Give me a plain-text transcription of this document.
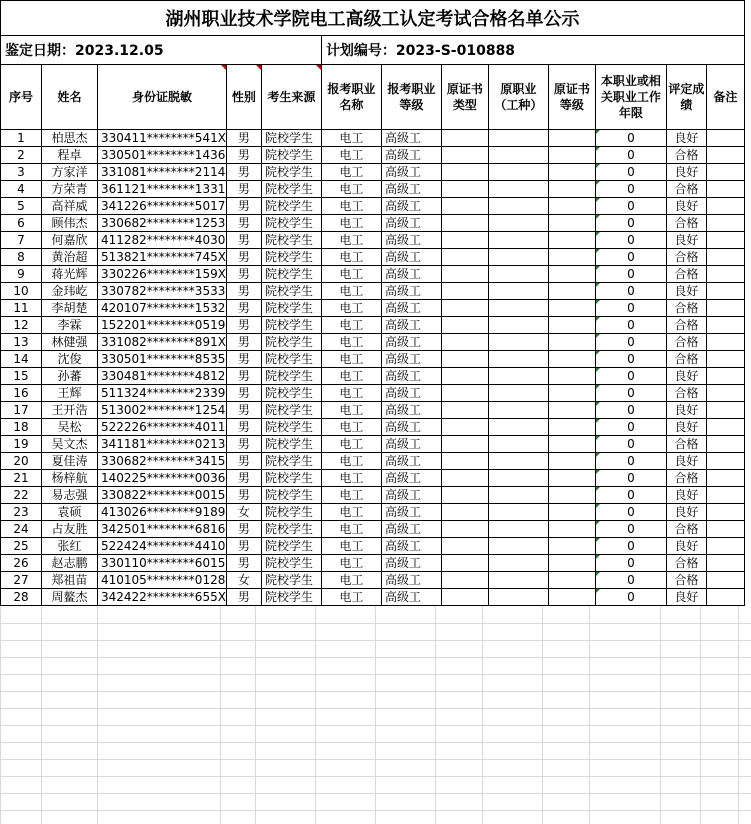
湖州职业技术学院电工高级工认定考试合格名单公示												
鉴定日期：2023.12.05					计划编号：2023-S-010888							
序号	姓名	身份证脱敏	性别	考生来源	报考职业名称	报考职业等级	原证书类型	原职业（工种）	原证书等级	本职业或相关职业工作年限	评定成绩	备注
1	柏思杰	330411********541X	男	院校学生	电工	高级工				0	良好	
2	程卓	330501********1436	男	院校学生	电工	高级工				0	合格	
3	方家洋	331081********2114	男	院校学生	电工	高级工				0	良好	
4	方荣青	361121********1331	男	院校学生	电工	高级工				0	合格	
5	高祥威	341226********5017	男	院校学生	电工	高级工				0	良好	
6	顾伟杰	330682********1253	男	院校学生	电工	高级工				0	合格	
7	何嘉欣	411282********4030	男	院校学生	电工	高级工				0	良好	
8	黄治超	513821********745X	男	院校学生	电工	高级工				0	合格	
9	蒋光辉	330226********159X	男	院校学生	电工	高级工				0	合格	
10	金玮屹	330782********3533	男	院校学生	电工	高级工				0	良好	
11	李胡楚	420107********1532	男	院校学生	电工	高级工				0	合格	
12	李霖	152201********0519	男	院校学生	电工	高级工				0	合格	
13	林健强	331082********891X	男	院校学生	电工	高级工				0	合格	
14	沈俊	330501********8535	男	院校学生	电工	高级工				0	合格	
15	孙蕃	330481********4812	男	院校学生	电工	高级工				0	良好	
16	王辉	511324********2339	男	院校学生	电工	高级工				0	合格	
17	王开浩	513002********1254	男	院校学生	电工	高级工				0	良好	
18	吴松	522226********4011	男	院校学生	电工	高级工				0	良好	
19	吴文杰	341181********0213	男	院校学生	电工	高级工				0	合格	
20	夏佳涛	330682********3415	男	院校学生	电工	高级工				0	良好	
21	杨梓航	140225********0036	男	院校学生	电工	高级工				0	合格	
22	易志强	330822********0015	男	院校学生	电工	高级工				0	良好	
23	袁硕	413026********9189	女	院校学生	电工	高级工				0	良好	
24	占友胜	342501********6816	男	院校学生	电工	高级工				0	合格	
25	张红	522424********4410	男	院校学生	电工	高级工				0	良好	
26	赵志鹏	330110********6015	男	院校学生	电工	高级工				0	合格	
27	郑祖苗	410105********0128	女	院校学生	电工	高级工				0	合格	
28	周鳌杰	342422********655X	男	院校学生	电工	高级工				0	良好	
